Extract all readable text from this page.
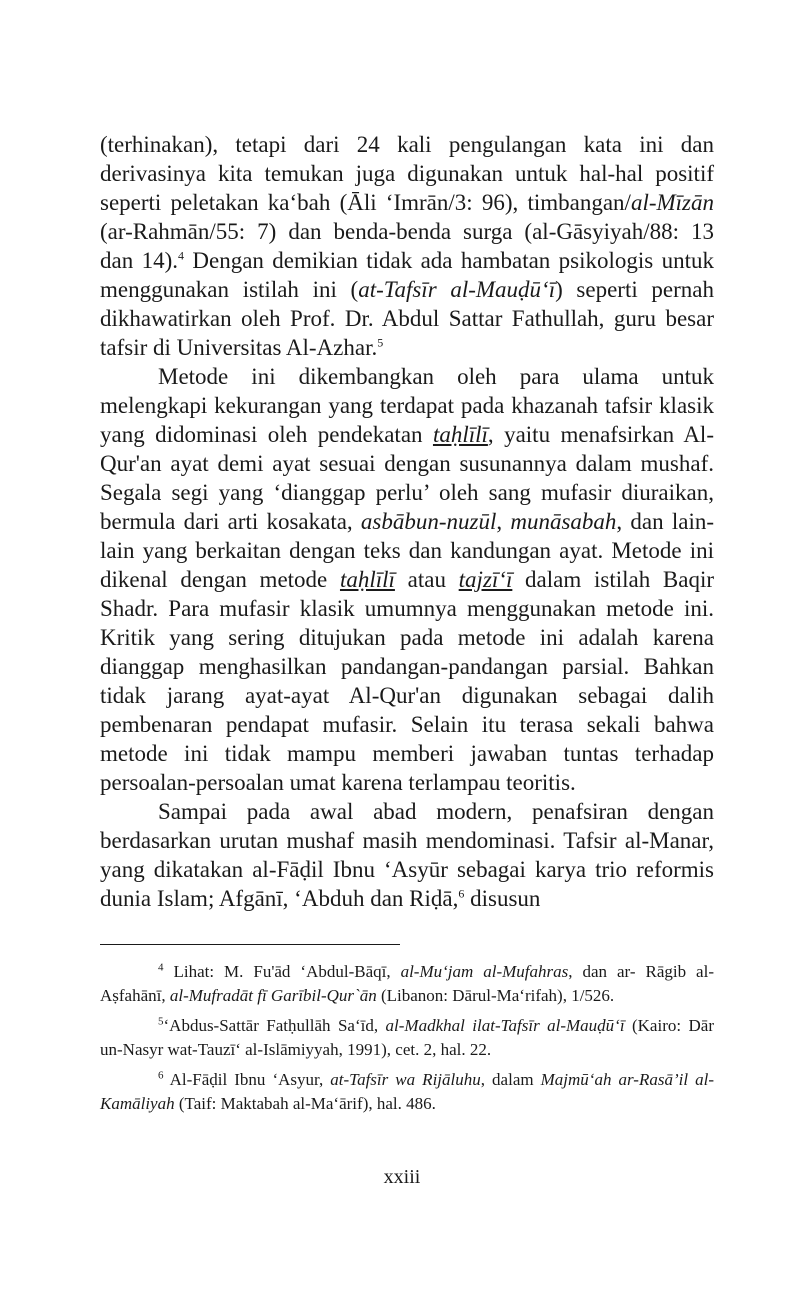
(terhinakan), tetapi dari 24 kali pengulangan kata ini dan derivasinya kita temukan juga digunakan untuk hal-hal positif seperti peletakan ka‘bah (Āli ‘Imrān/3: 96), timbangan/al-Mīzān (ar-Rahmān/55: 7) dan benda-benda surga (al-Gāsyiyah/88: 13 dan 14).$^4$ Dengan demikian tidak ada hambatan psikologis untuk menggunakan istilah ini (at-Tafsīr al-Mauḍū‘ī) seperti pernah dikhawatirkan oleh Prof. Dr. Abdul Sattar Fathullah, guru besar tafsir di Universitas Al-Azhar.$^5$

Metode ini dikembangkan oleh para ulama untuk melengkapi kekurangan yang terdapat pada khazanah tafsir klasik yang didominasi oleh pendekatan taḥlīlī, yaitu menafsirkan Al-Qur'an ayat demi ayat sesuai dengan susunannya dalam mushaf. Segala segi yang ‘dianggap perlu’ oleh sang mufasir diuraikan, bermula dari arti kosakata, asbābun-nuzūl, munāsabah, dan lain-lain yang berkaitan dengan teks dan kandungan ayat. Metode ini dikenal dengan metode taḥlīlī atau tajzī‘ī dalam istilah Baqir Shadr. Para mufasir klasik umumnya menggunakan metode ini. Kritik yang sering ditujukan pada metode ini adalah karena dianggap menghasilkan pandangan-pandangan parsial. Bahkan tidak jarang ayat-ayat Al-Qur'an digunakan sebagai dalih pembenaran pendapat mufasir. Selain itu terasa sekali bahwa metode ini tidak mampu memberi jawaban tuntas terhadap persoalan-persoalan umat karena terlampau teoritis.

Sampai pada awal abad modern, penafsiran dengan berdasarkan urutan mushaf masih mendominasi. Tafsir al-Manar, yang dikatakan al-Fāḍil Ibnu ‘Asyūr sebagai karya trio reformis dunia Islam; Afgānī, ‘Abduh dan Riḍā,$^6$ disusun

$^4$ Lihat: M. Fu'ād ‘Abdul-Bāqī, al-Mu‘jam al-Mufahras, dan ar- Rāgib al-Aṣfahānī, al-Mufradāt fī Garībil-Qur`ān (Libanon: Dārul-Ma‘rifah), 1/526.

$^5$‘Abdus-Sattār Fatḥullāh Sa‘īd, al-Madkhal ilat-Tafsīr al-Mauḍū‘ī (Kairo: Dār un-Nasyr wat-Tauzī‘ al-Islāmiyyah, 1991), cet. 2, hal. 22.

$^6$ Al-Fāḍil Ibnu ‘Asyur, at-Tafsīr wa Rijāluhu, dalam Majmū‘ah ar-Rasā’il al-Kamāliyah (Taif: Maktabah al-Ma‘ārif), hal. 486.

xxiii
